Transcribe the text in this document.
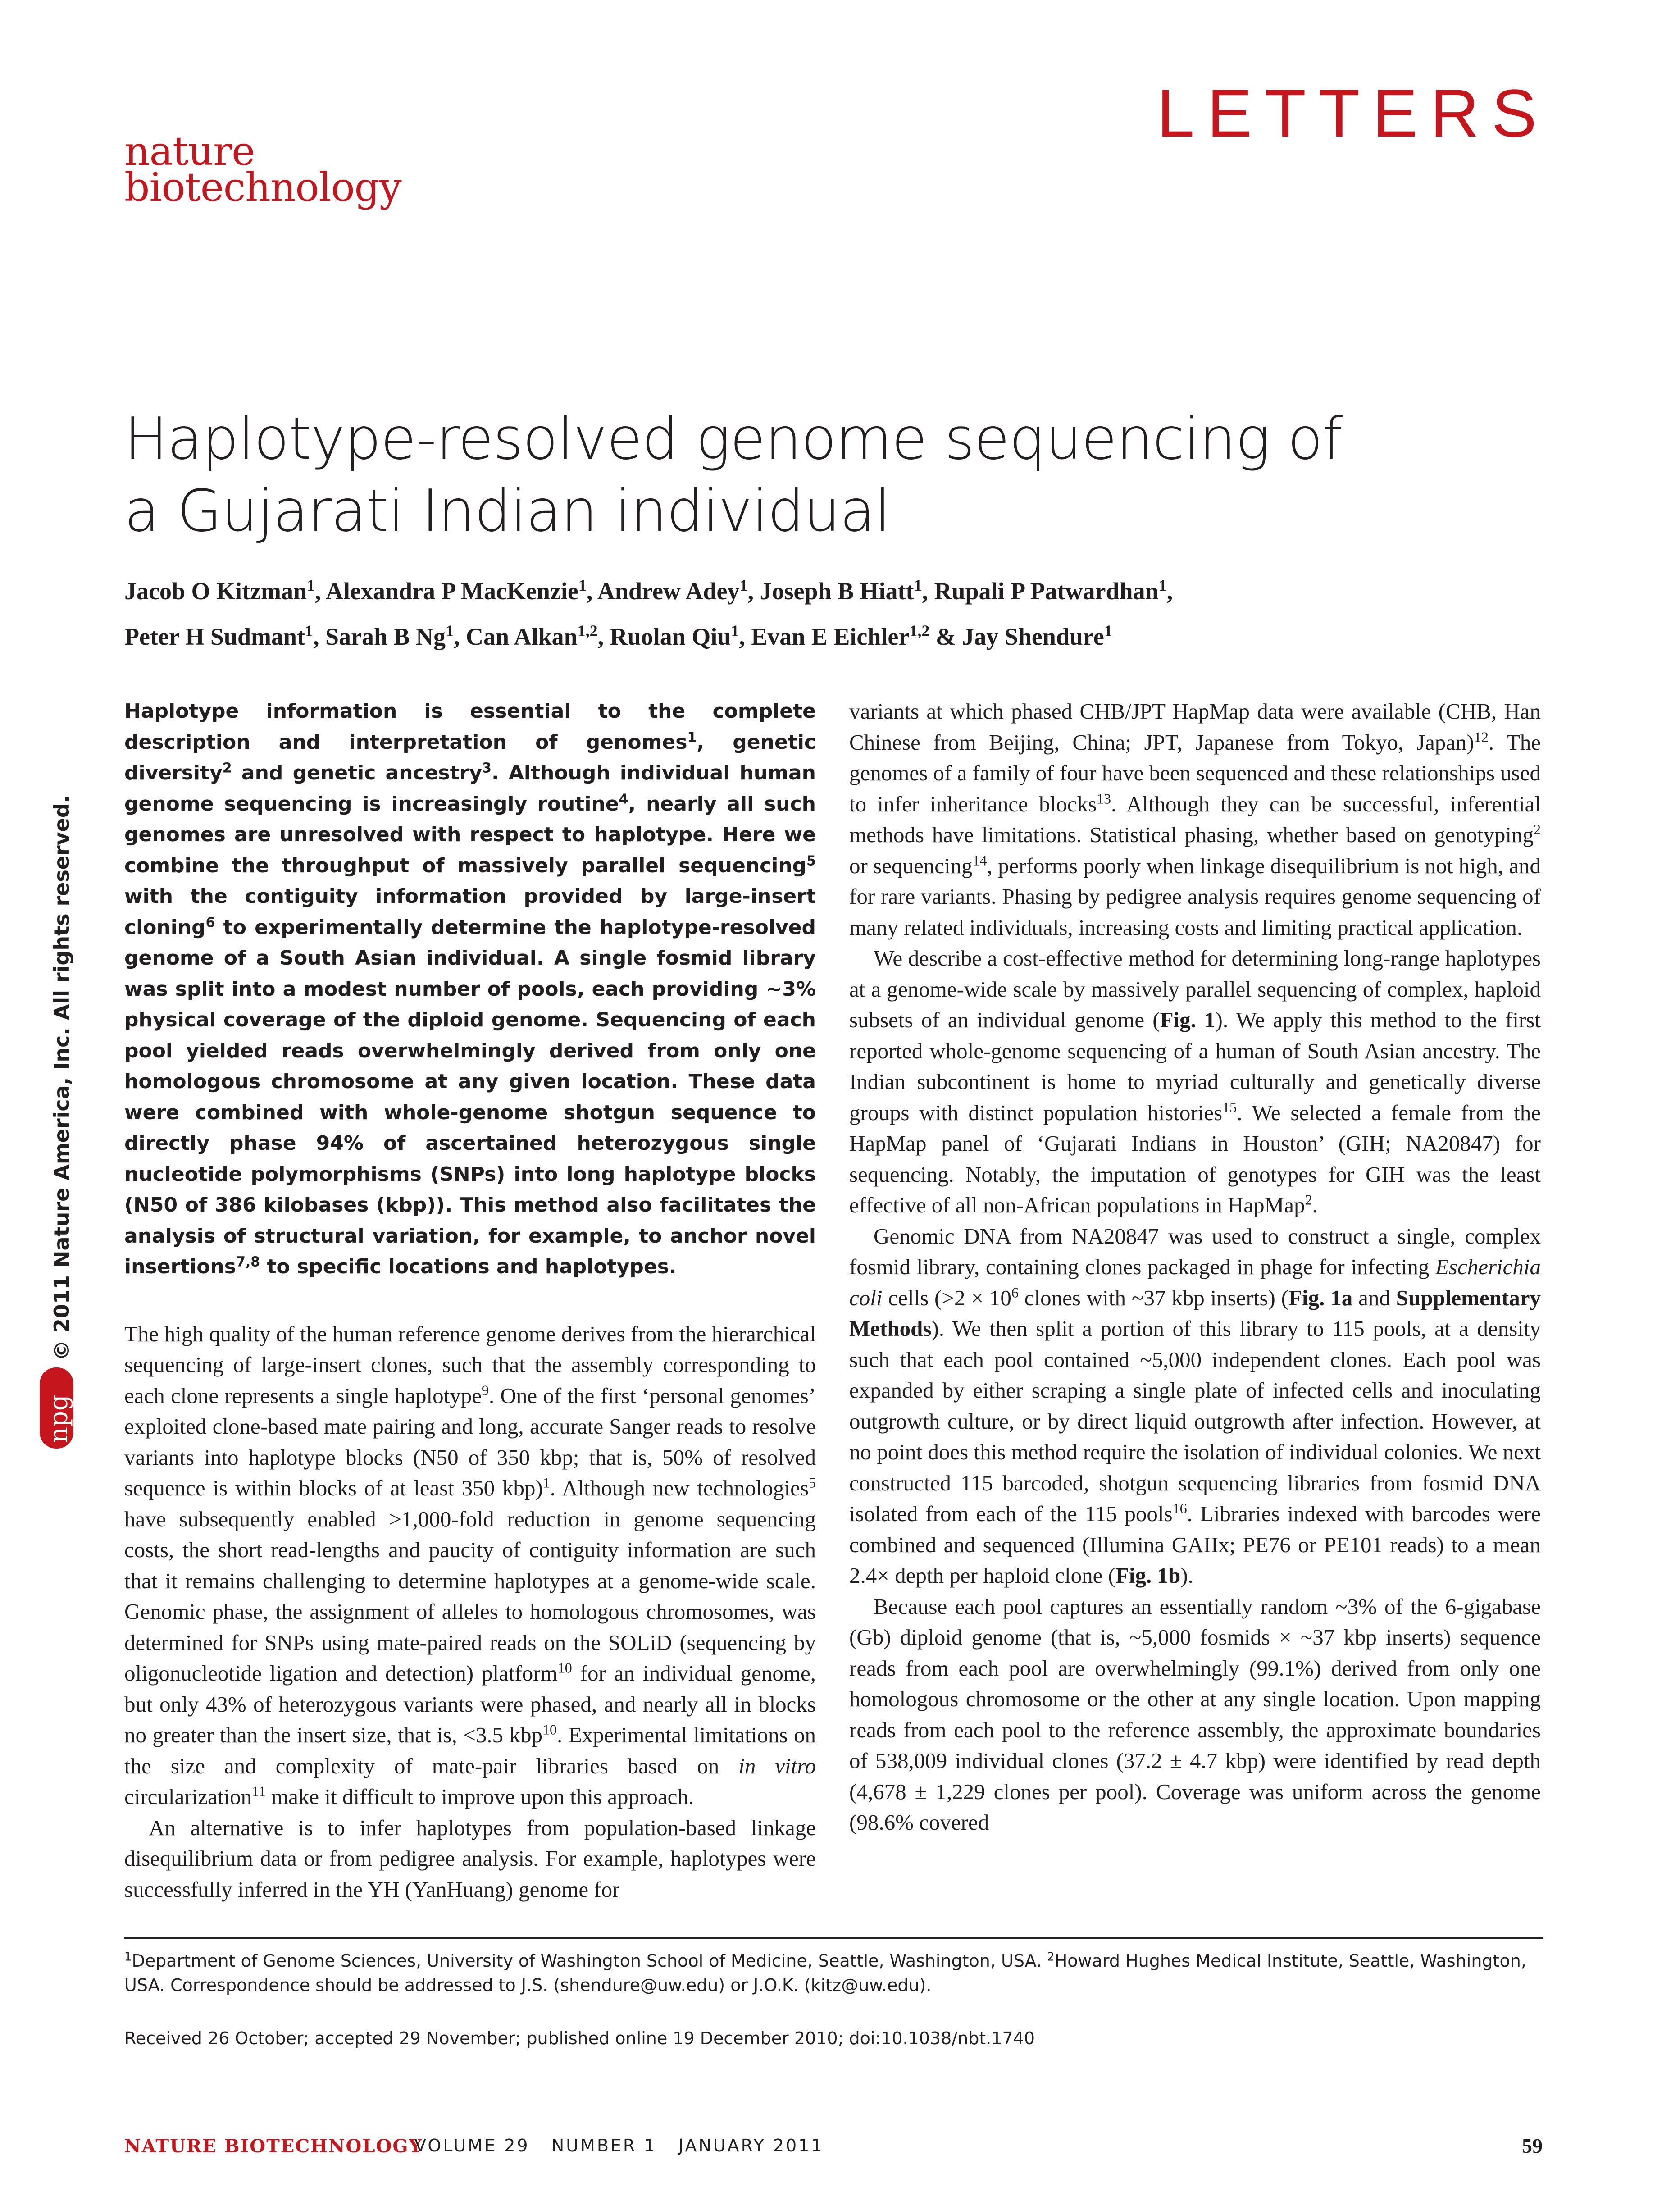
nature
biotechnology
LETTERS
Haplotype-resolved genome sequencing of
a Gujarati Indian individual
Jacob O Kitzman$^1$, Alexandra P MacKenzie$^1$, Andrew Adey$^1$, Joseph B Hiatt$^1$, Rupali P Patwardhan$^1$,
Peter H Sudmant$^1$, Sarah B Ng$^1$, Can Alkan$^{1,2}$, Ruolan Qiu$^1$, Evan E Eichler$^{1,2}$ & Jay Shendure$^1$
© 2011 Nature America, Inc. All rights reserved.
npg

Haplotype information is essential to the complete description and interpretation of genomes$^1$, genetic diversity$^2$ and genetic ancestry$^3$. Although individual human genome sequencing is increasingly routine$^4$, nearly all such genomes are unresolved with respect to haplotype. Here we combine the throughput of massively parallel sequencing$^5$ with the contiguity information provided by large-insert cloning$^6$ to experimentally determine the haplotype-resolved genome of a South Asian individual. A single fosmid library was split into a modest number of pools, each providing ~3% physical coverage of the diploid genome. Sequencing of each pool yielded reads overwhelmingly derived from only one homologous chromosome at any given location. These data were combined with whole-genome shotgun sequence to directly phase 94% of ascertained heterozygous single nucleotide polymorphisms (SNPs) into long haplotype blocks (N50 of 386 kilobases (kbp)). This method also facilitates the analysis of structural variation, for example, to anchor novel insertions$^{7,8}$ to specific locations and haplotypes.

The high quality of the human reference genome derives from the hierarchical sequencing of large-insert clones, such that the assembly corresponding to each clone represents a single haplotype$^9$. One of the first ‘personal genomes’ exploited clone-based mate pairing and long, accurate Sanger reads to resolve variants into haplotype blocks (N50 of 350 kbp; that is, 50% of resolved sequence is within blocks of at least 350 kbp)$^1$. Although new technologies$^5$ have subsequently enabled >1,000-fold reduction in genome sequencing costs, the short read-lengths and paucity of contiguity information are such that it remains challenging to determine haplotypes at a genome-wide scale. Genomic phase, the assignment of alleles to homologous chromosomes, was determined for SNPs using mate-paired reads on the SOLiD (sequencing by oligonucleotide ligation and detection) platform$^{10}$ for an individual genome, but only 43% of heterozygous variants were phased, and nearly all in blocks no greater than the insert size, that is, <3.5 kbp$^{10}$. Experimental limitations on the size and complexity of mate-pair libraries based on in vitro circularization$^{11}$ make it difficult to improve upon this approach.

An alternative is to infer haplotypes from population-based linkage disequilibrium data or from pedigree analysis. For example, haplotypes were successfully inferred in the YH (YanHuang) genome for

variants at which phased CHB/JPT HapMap data were available (CHB, Han Chinese from Beijing, China; JPT, Japanese from Tokyo, Japan)$^{12}$. The genomes of a family of four have been sequenced and these relationships used to infer inheritance blocks$^{13}$. Although they can be successful, inferential methods have limitations. Statistical phasing, whether based on genotyping$^2$ or sequencing$^{14}$, performs poorly when linkage disequilibrium is not high, and for rare variants. Phasing by pedigree analysis requires genome sequencing of many related individuals, increasing costs and limiting practical application.

We describe a cost-effective method for determining long-range haplotypes at a genome-wide scale by massively parallel sequencing of complex, haploid subsets of an individual genome (Fig. 1). We apply this method to the first reported whole-genome sequencing of a human of South Asian ancestry. The Indian subcontinent is home to myriad culturally and genetically diverse groups with distinct population histories$^{15}$. We selected a female from the HapMap panel of ‘Gujarati Indians in Houston’ (GIH; NA20847) for sequencing. Notably, the imputation of genotypes for GIH was the least effective of all non-African populations in HapMap$^2$.

Genomic DNA from NA20847 was used to construct a single, complex fosmid library, containing clones packaged in phage for infecting Escherichia coli cells ($>2 \times 10^6$ clones with ~37 kbp inserts) (Fig. 1a and Supplementary Methods). We then split a portion of this library to 115 pools, at a density such that each pool contained ~5,000 independent clones. Each pool was expanded by either scraping a single plate of infected cells and inoculating outgrowth culture, or by direct liquid outgrowth after infection. However, at no point does this method require the isolation of individual colonies. We next constructed 115 barcoded, shotgun sequencing libraries from fosmid DNA isolated from each of the 115 pools$^{16}$. Libraries indexed with barcodes were combined and sequenced (Illumina GAIIx; PE76 or PE101 reads) to a mean 2.4× depth per haploid clone (Fig. 1b).

Because each pool captures an essentially random ~3% of the 6-gigabase (Gb) diploid genome (that is, ~5,000 fosmids × ~37 kbp inserts) sequence reads from each pool are overwhelmingly (99.1%) derived from only one homologous chromosome or the other at any single location. Upon mapping reads from each pool to the reference assembly, the approximate boundaries of 538,009 individual clones (37.2 ± 4.7 kbp) were identified by read depth (4,678 ± 1,229 clones per pool). Coverage was uniform across the genome (98.6% covered

$^1$Department of Genome Sciences, University of Washington School of Medicine, Seattle, Washington, USA. $^2$Howard Hughes Medical Institute, Seattle, Washington, USA. Correspondence should be addressed to J.S. (shendure@uw.edu) or J.O.K. (kitz@uw.edu).
Received 26 October; accepted 29 November; published online 19 December 2010; doi:10.1038/nbt.1740
NATURE BIOTECHNOLOGY
VOLUME 29   NUMBER 1   JANUARY 2011	59
